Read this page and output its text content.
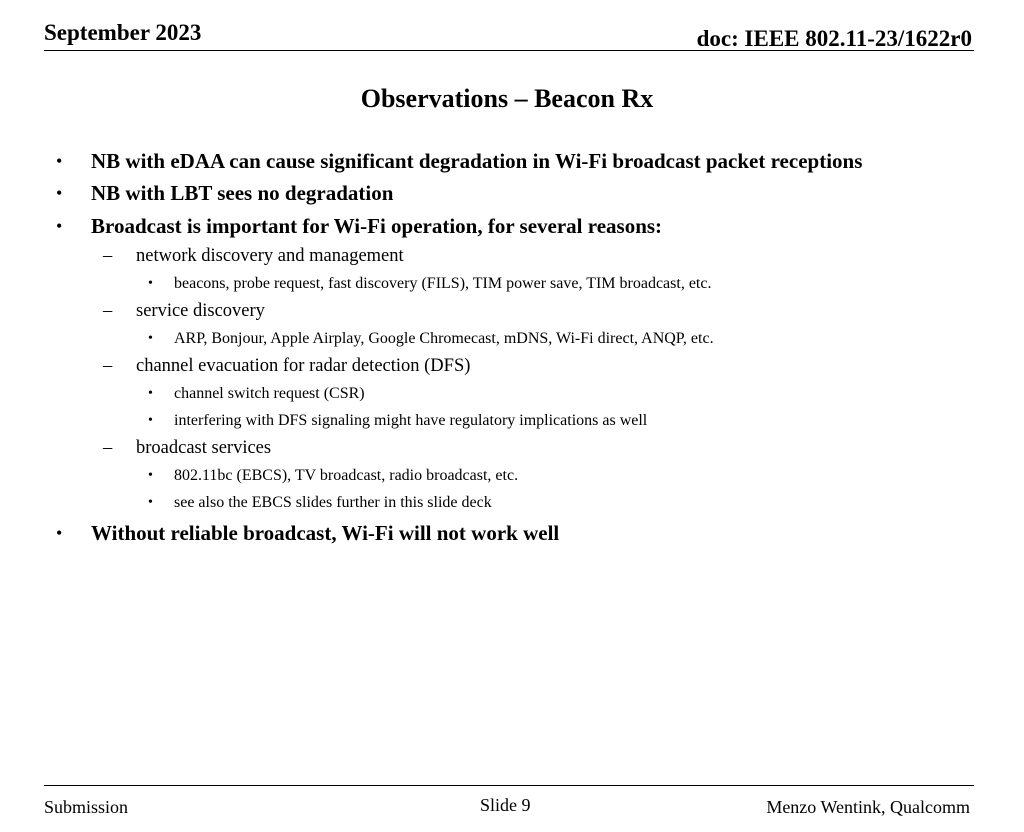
September 2023	doc: IEEE 802.11-23/1622r0
Observations – Beacon Rx
•	NB with eDAA can cause significant degradation in Wi-Fi broadcast packet receptions
•	NB with LBT sees no degradation
•	Broadcast is important for Wi-Fi operation, for several reasons:
–	network discovery and management
•	beacons, probe request, fast discovery (FILS), TIM power save, TIM broadcast, etc.
–	service discovery
•	ARP, Bonjour, Apple Airplay, Google Chromecast, mDNS, Wi-Fi direct, ANQP, etc.
–	channel evacuation for radar detection (DFS)
•	channel switch request (CSR)
•	interfering with DFS signaling might have regulatory implications as well
–	broadcast services
•	802.11bc (EBCS), TV broadcast, radio broadcast, etc.
•	see also the EBCS slides further in this slide deck
•	Without reliable broadcast, Wi-Fi will not work well
Submission	Slide 9	Menzo Wentink, Qualcomm
